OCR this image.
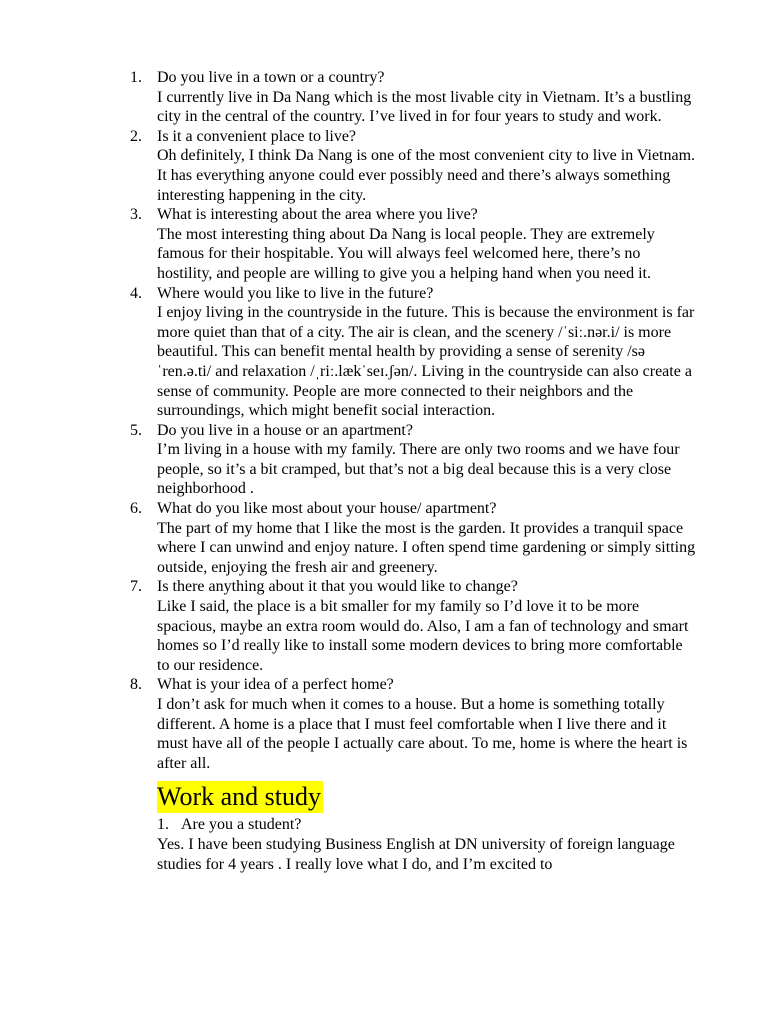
1. Do you live in a town or a country?
I currently live in Da Nang which is the most livable city in Vietnam. It’s a bustling city in the central of the country. I’ve lived in for four years to study and work.
2. Is it a convenient place to live?
Oh definitely, I think Da Nang is one of the most convenient city to live in Vietnam. It has everything anyone could ever possibly need and there’s always something interesting happening in the city.
3. What is interesting about the area where you live?
The most interesting thing about Da Nang is local people. They are extremely famous for their hospitable. You will always feel welcomed here, there’s no hostility, and people are willing to give you a helping hand when you need it.
4. Where would you like to live in the future?
I enjoy living in the countryside in the future. This is because the environment is far more quiet than that of a city. The air is clean, and the scenery /ˈsiː.nər.i/ is more beautiful. This can benefit mental health by providing a sense of serenity /səˈren.ə.ti/ and relaxation /ˌriː.lækˈseɪ.ʃən/. Living in the countryside can also create a sense of community. People are more connected to their neighbors and the surroundings, which might benefit social interaction.
5. Do you live in a house or an apartment?
I’m living in a house with my family. There are only two rooms and we have four people, so it’s a bit cramped, but that’s not a big deal because this is a very close neighborhood .
6. What do you like most about your house/ apartment?
The part of my home that I like the most is the garden. It provides a tranquil space where I can unwind and enjoy nature. I often spend time gardening or simply sitting outside, enjoying the fresh air and greenery.
7. Is there anything about it that you would like to change?
Like I said, the place is a bit smaller for my family so I’d love it to be more spacious, maybe an extra room would do. Also, I am a fan of technology and smart homes so I’d really like to install some modern devices to bring more comfortable to our residence.
8. What is your idea of a perfect home?
I don’t ask for much when it comes to a house. But a home is something totally different. A home is a place that I must feel comfortable when I live there and it must have all of the people I actually care about. To me, home is where the heart is after all.
Work and study
1. Are you a student?
Yes. I have been studying Business English at DN university of foreign language studies for 4 years . I really love what I do, and I’m excited to
